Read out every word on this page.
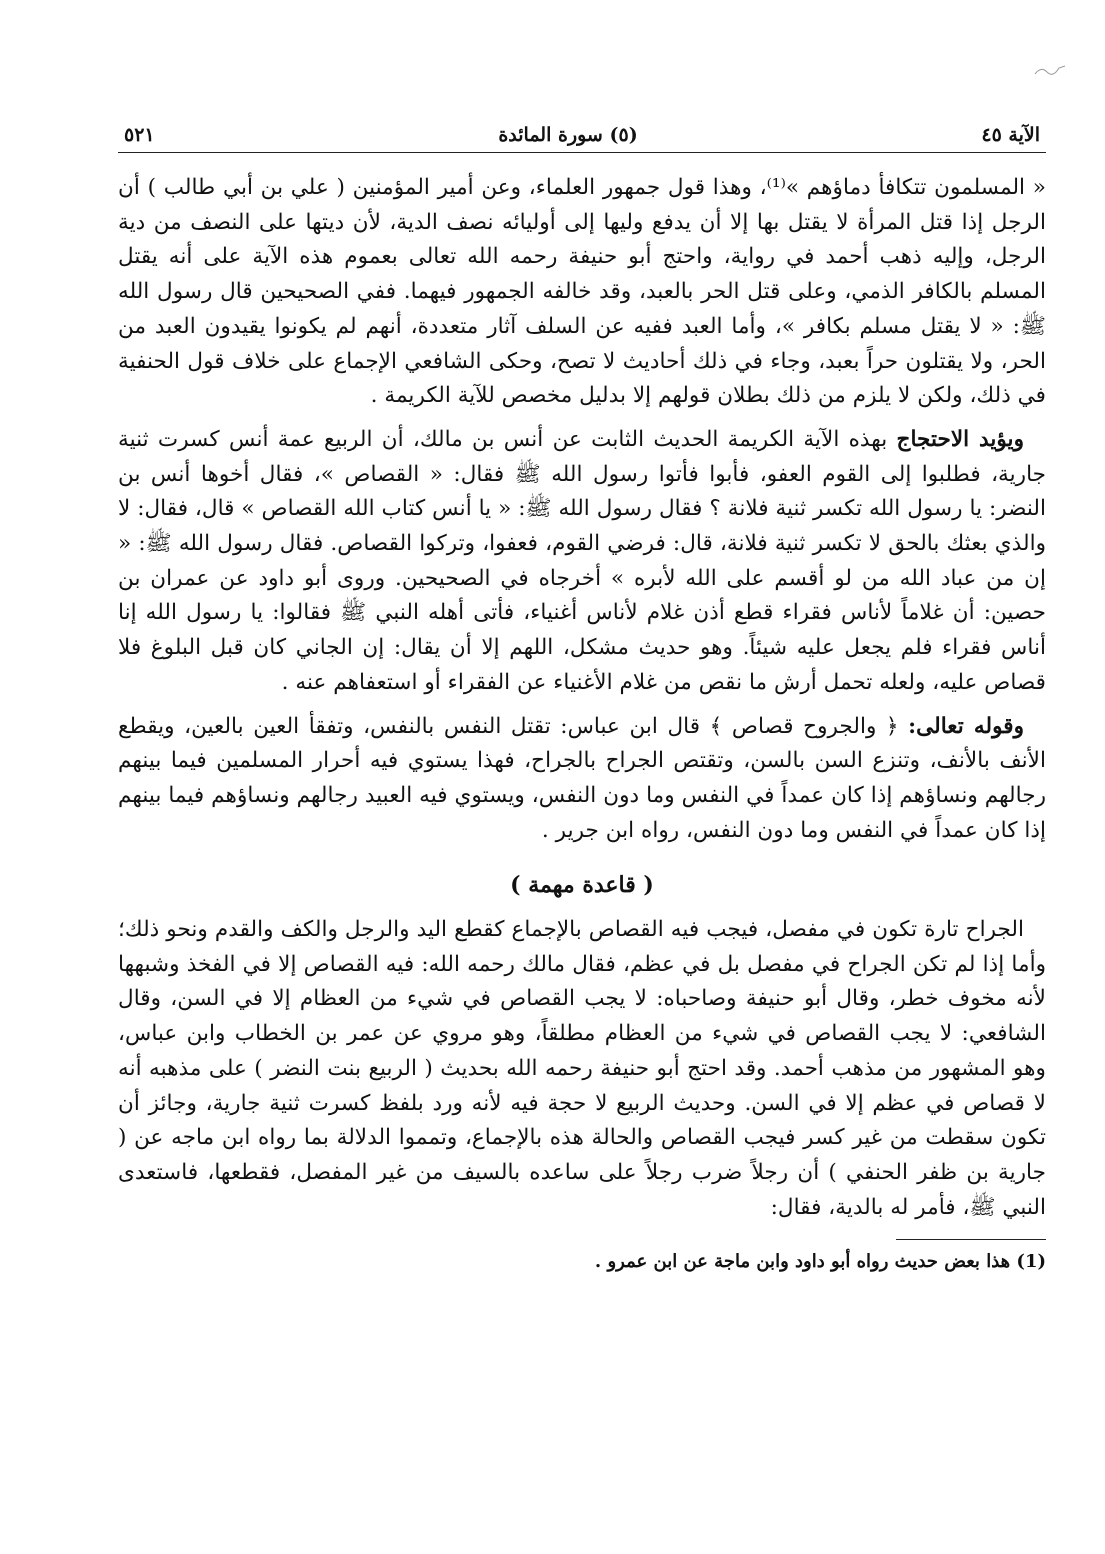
الآية ٤٥
(٥) سورة المائدة
٥٢١

« المسلمون تتكافأ دماؤهم »⁽¹⁾، وهذا قول جمهور العلماء، وعن أمير المؤمنين ( علي بن أبي طالب ) أن الرجل إذا قتل المرأة لا يقتل بها إلا أن يدفع وليها إلى أوليائه نصف الدية، لأن ديتها على النصف من دية الرجل، وإليه ذهب أحمد في رواية، واحتج أبو حنيفة رحمه الله تعالى بعموم هذه الآية على أنه يقتل المسلم بالكافر الذمي، وعلى قتل الحر بالعبد، وقد خالفه الجمهور فيهما. ففي الصحيحين قال رسول الله ﷺ: « لا يقتل مسلم بكافر »، وأما العبد ففيه عن السلف آثار متعددة، أنهم لم يكونوا يقيدون العبد من الحر، ولا يقتلون حراً بعبد، وجاء في ذلك أحاديث لا تصح، وحكى الشافعي الإجماع على خلاف قول الحنفية في ذلك، ولكن لا يلزم من ذلك بطلان قولهم إلا بدليل مخصص للآية الكريمة .

ويؤيد الاحتجاج بهذه الآية الكريمة الحديث الثابت عن أنس بن مالك، أن الربيع عمة أنس كسرت ثنية جارية، فطلبوا إلى القوم العفو، فأبوا فأتوا رسول الله ﷺ فقال: « القصاص »، فقال أخوها أنس بن النضر: يا رسول الله تكسر ثنية فلانة ؟ فقال رسول الله ﷺ: « يا أنس كتاب الله القصاص » قال، فقال: لا والذي بعثك بالحق لا تكسر ثنية فلانة، قال: فرضي القوم، فعفوا، وتركوا القصاص. فقال رسول الله ﷺ: « إن من عباد الله من لو أقسم على الله لأبره » أخرجاه في الصحيحين. وروى أبو داود عن عمران بن حصين: أن غلاماً لأناس فقراء قطع أذن غلام لأناس أغنياء، فأتى أهله النبي ﷺ فقالوا: يا رسول الله إنا أناس فقراء فلم يجعل عليه شيئاً. وهو حديث مشكل، اللهم إلا أن يقال: إن الجاني كان قبل البلوغ فلا قصاص عليه، ولعله تحمل أرش ما نقص من غلام الأغنياء عن الفقراء أو استعفاهم عنه .

وقوله تعالى: ﴿ والجروح قصاص ﴾ قال ابن عباس: تقتل النفس بالنفس، وتفقأ العين بالعين، ويقطع الأنف بالأنف، وتنزع السن بالسن، وتقتص الجراح بالجراح، فهذا يستوي فيه أحرار المسلمين فيما بينهم رجالهم ونساؤهم إذا كان عمداً في النفس وما دون النفس، ويستوي فيه العبيد رجالهم ونساؤهم فيما بينهم إذا كان عمداً في النفس وما دون النفس، رواه ابن جرير .

( قاعدة مهمة )

الجراح تارة تكون في مفصل، فيجب فيه القصاص بالإجماع كقطع اليد والرجل والكف والقدم ونحو ذلك؛ وأما إذا لم تكن الجراح في مفصل بل في عظم، فقال مالك رحمه الله: فيه القصاص إلا في الفخذ وشبهها لأنه مخوف خطر، وقال أبو حنيفة وصاحباه: لا يجب القصاص في شيء من العظام إلا في السن، وقال الشافعي: لا يجب القصاص في شيء من العظام مطلقاً، وهو مروي عن عمر بن الخطاب وابن عباس، وهو المشهور من مذهب أحمد. وقد احتج أبو حنيفة رحمه الله بحديث ( الربيع بنت النضر ) على مذهبه أنه لا قصاص في عظم إلا في السن. وحديث الربيع لا حجة فيه لأنه ورد بلفظ كسرت ثنية جارية، وجائز أن تكون سقطت من غير كسر فيجب القصاص والحالة هذه بالإجماع، وتمموا الدلالة بما رواه ابن ماجه عن ( جارية بن ظفر الحنفي ) أن رجلاً ضرب رجلاً على ساعده بالسيف من غير المفصل، فقطعها، فاستعدى النبي ﷺ، فأمر له بالدية، فقال:

(1) هذا بعض حديث رواه أبو داود وابن ماجة عن ابن عمرو .
